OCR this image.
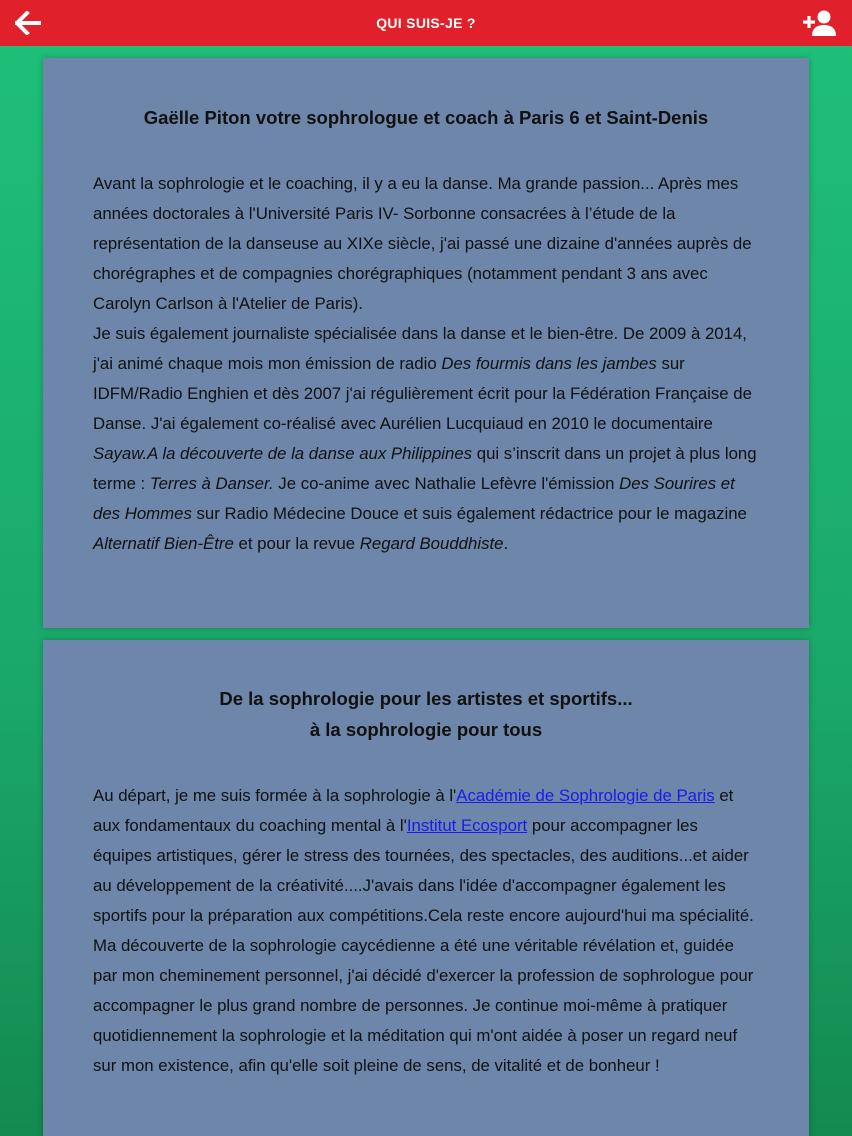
QUI SUIS-JE ?
Gaëlle Piton votre sophrologue et coach à Paris 6 et Saint-Denis

Avant la sophrologie et le coaching, il y a eu la danse. Ma grande passion... Après mes années doctorales à l'Université Paris IV- Sorbonne consacrées à l’étude de la représentation de la danseuse au XIXe siècle, j'ai passé une dizaine d'années auprès de chorégraphes et de compagnies chorégraphiques (notamment pendant 3 ans avec Carolyn Carlson à l'Atelier de Paris).

Je suis également journaliste spécialisée dans la danse et le bien-être. De 2009 à 2014, j'ai animé chaque mois mon émission de radio Des fourmis dans les jambes sur IDFM/Radio Enghien et dès 2007 j'ai régulièrement écrit pour la Fédération Française de Danse. J'ai également co-réalisé avec Aurélien Lucquiaud en 2010 le documentaire Sayaw.A la découverte de la danse aux Philippines qui s’inscrit dans un projet à plus long terme : Terres à Danser. Je co-anime avec Nathalie Lefèvre l'émission Des Sourires et des Hommes sur Radio Médecine Douce et suis également rédactrice pour le magazine Alternatif Bien-Être et pour la revue Regard Bouddhiste.

De la sophrologie pour les artistes et sportifs...
à la sophrologie pour tous

Au départ, je me suis formée à la sophrologie à l'Académie de Sophrologie de Paris et aux fondamentaux du coaching mental à l'Institut Ecosport pour accompagner les équipes artistiques, gérer le stress des tournées, des spectacles, des auditions...et aider au développement de la créativité....J'avais dans l'idée d'accompagner également les sportifs pour la préparation aux compétitions.Cela reste encore aujourd'hui ma spécialité.

Ma découverte de la sophrologie caycédienne a été une véritable révélation et, guidée par mon cheminement personnel, j'ai décidé d'exercer la profession de sophrologue pour accompagner le plus grand nombre de personnes. Je continue moi-même à pratiquer quotidiennement la sophrologie et la méditation qui m'ont aidée à poser un regard neuf sur mon existence, afin qu'elle soit pleine de sens, de vitalité et de bonheur !
